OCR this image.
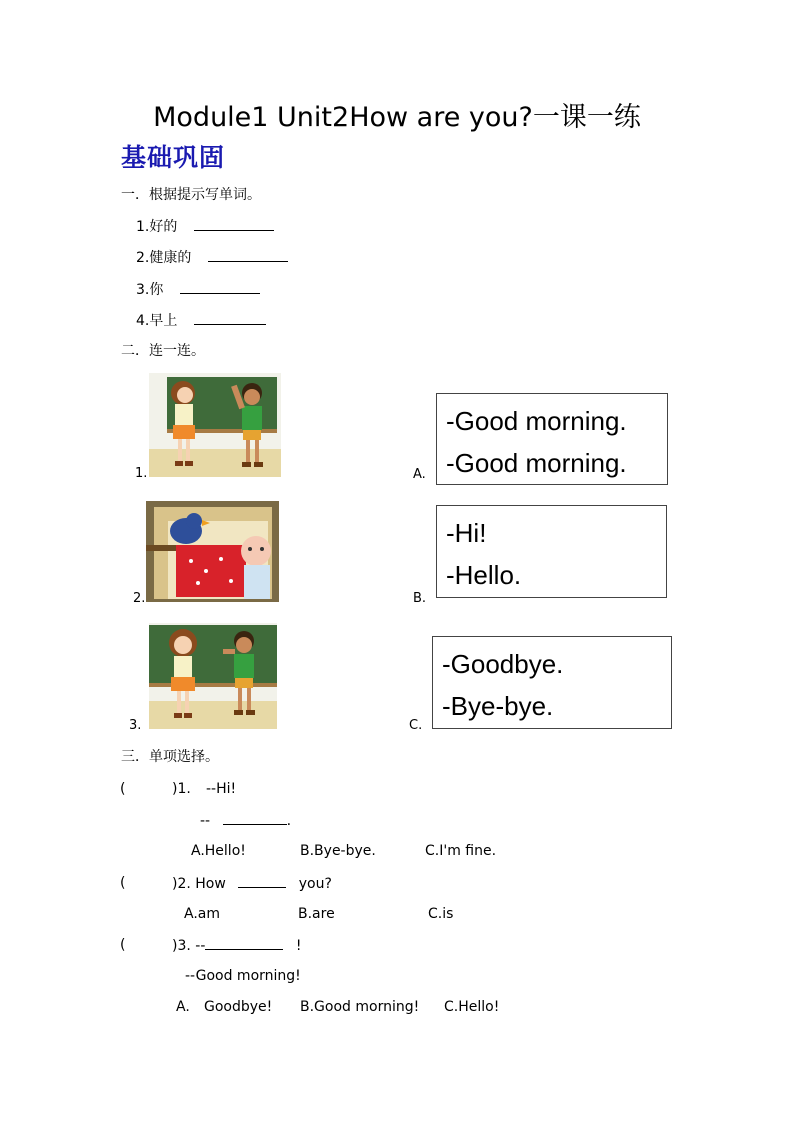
Module1 Unit2How are you?一课一练
基础巩固
一．根据提示写单词。
1.好的
2.健康的
3.你
4.早上
二．连一连。
1.
2.
3.
A.
-Good morning.
-Good morning.
B.
-Hi!
-Hello.
C.
-Goodbye.
-Bye-bye.
三．单项选择。
(	)1. --Hi!
--	.
A.Hello!	B.Bye-bye.	C.I'm fine.
(	)2. How	you?
A.am	B.are	C.is
(	)3. --	!
--Good morning!
A. Goodbye! B.Good morning! C.Hello!
